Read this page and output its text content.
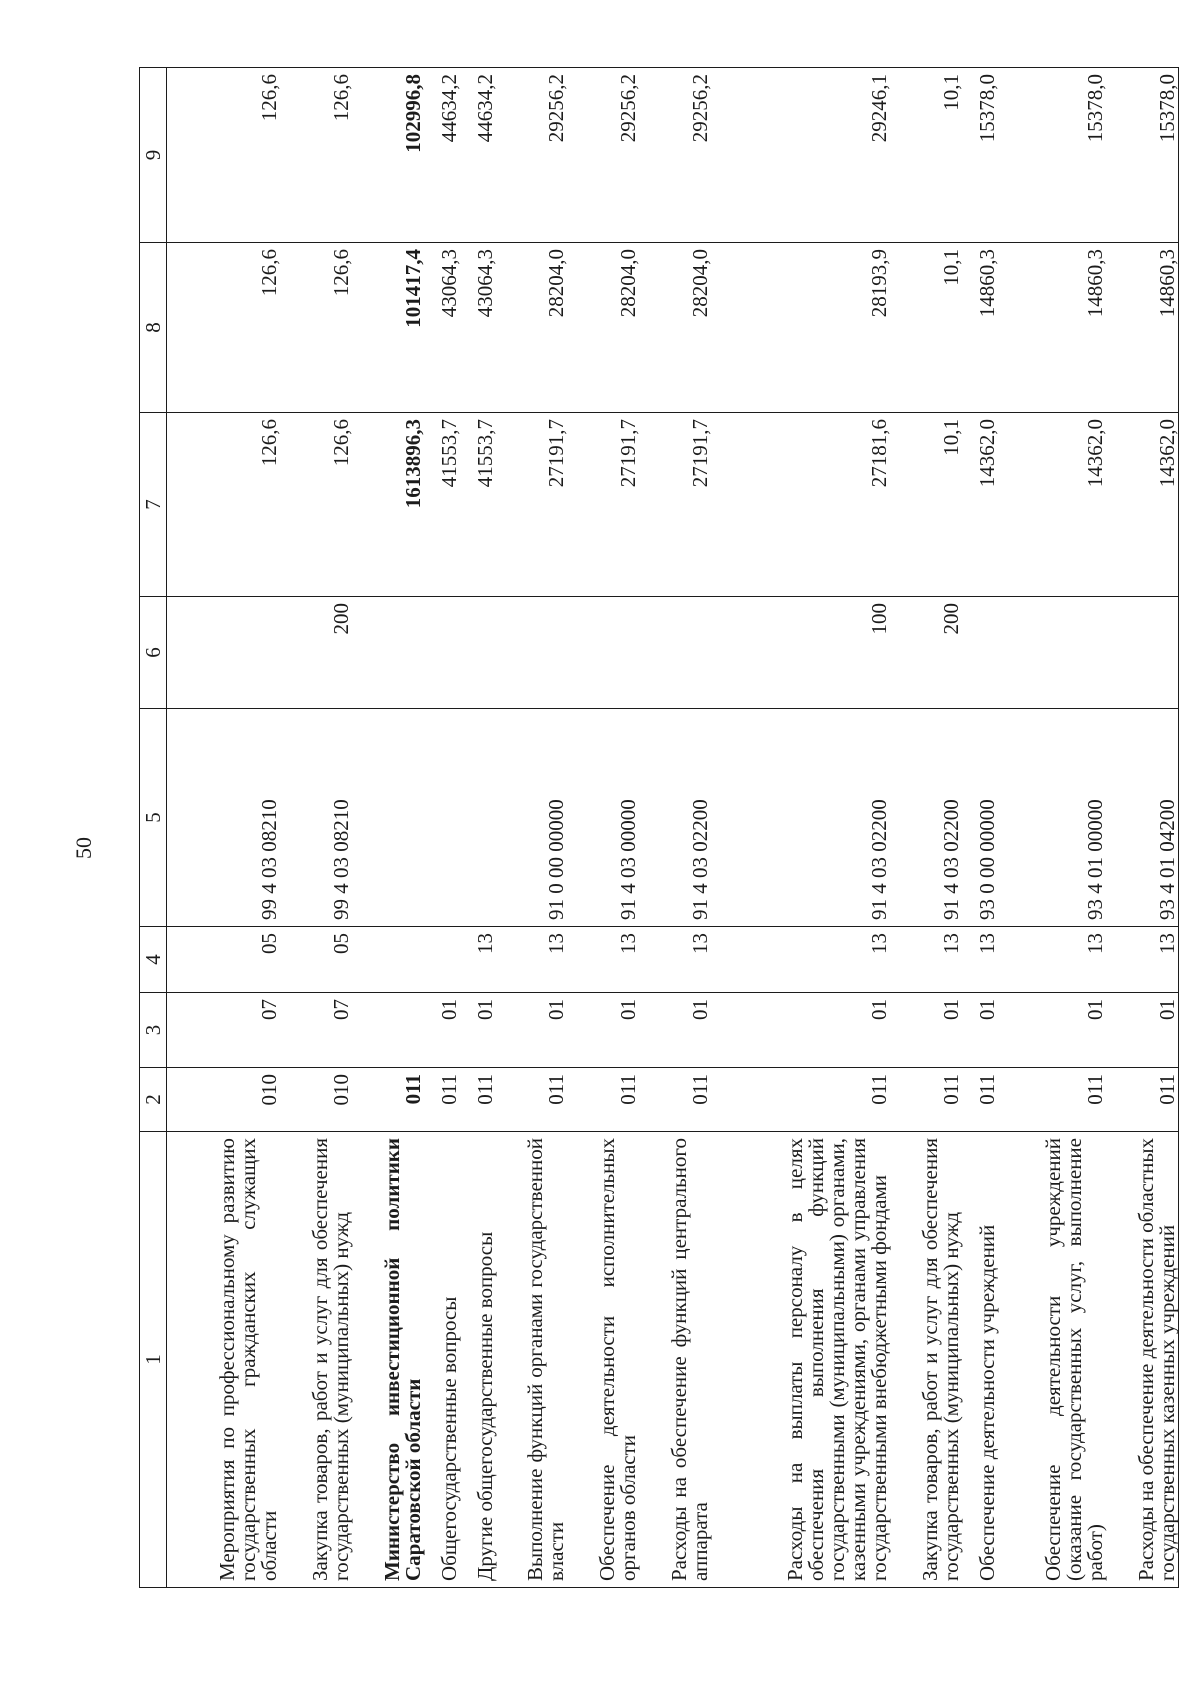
50
1	2	3	4	5	6	7	8	9
Мероприятия по профессиональному развитию государственных гражданских служащих области	010	07	05	99 4 03 08210		126,6	126,6	126,6
Закупка товаров, работ и услуг для обеспечения государственных (муниципальных) нужд	010	07	05	99 4 03 08210	200	126,6	126,6	126,6
Министерство инвестиционной политики Саратовской области	011					1613896,3	101417,4	102996,8
Общегосударственные вопросы	011	01				41553,7	43064,3	44634,2
Другие общегосударственные вопросы	011	01	13			41553,7	43064,3	44634,2
Выполнение функций органами государственной власти	011	01	13	91 0 00 00000		27191,7	28204,0	29256,2
Обеспечение деятельности исполнительных органов области	011	01	13	91 4 03 00000		27191,7	28204,0	29256,2
Расходы на обеспечение функций центрального аппарата	011	01	13	91 4 03 02200		27191,7	28204,0	29256,2
Расходы на выплаты персоналу в целях обеспечения выполнения функций государственными (муниципальными) органами, казенными учреждениями, органами управления государственными внебюджетными фондами	011	01	13	91 4 03 02200	100	27181,6	28193,9	29246,1
Закупка товаров, работ и услуг для обеспечения государственных (муниципальных) нужд	011	01	13	91 4 03 02200	200	10,1	10,1	10,1
Обеспечение деятельности учреждений	011	01	13	93 0 00 00000		14362,0	14860,3	15378,0
Обеспечение деятельности учреждений (оказание государственных услуг, выполнение работ)	011	01	13	93 4 01 00000		14362,0	14860,3	15378,0
Расходы на обеспечение деятельности областных государственных казенных учреждений	011	01	13	93 4 01 04200		14362,0	14860,3	15378,0
